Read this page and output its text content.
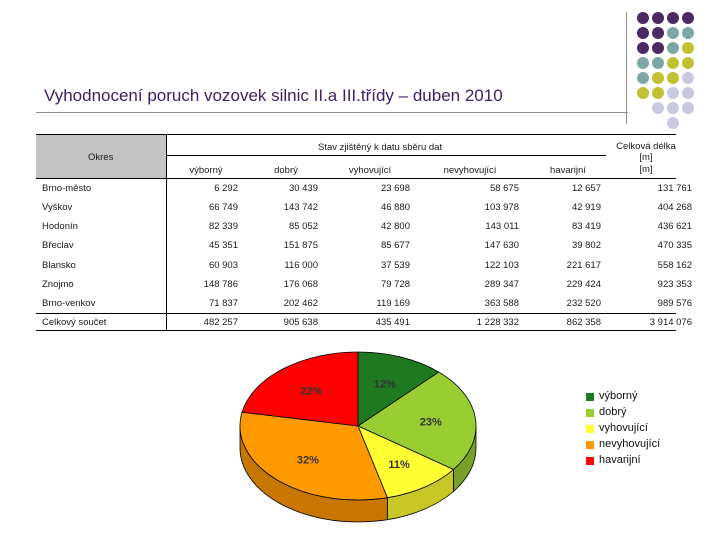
Vyhodnocení poruch vozovek silnic II.a III.třídy – duben 2010
Okres
Stav zjištěný k datu sběru dat	Celková délka
[m]
[m]
výborný	dobrý	vyhovující	nevyhovující	havarijní
Brno-město	6 292	30 439	23 698	58 675	12 657	131 761
Vyškov	66 749	143 742	46 880	103 978	42 919	404 268
Hodonín	82 339	85 052	42 800	143 011	83 419	436 621
Břeclav	45 351	151 875	85 677	147 630	39 802	470 335
Blansko	60 903	116 000	37 539	122 103	221 617	558 162
Znojmo	148 786	176 068	79 728	289 347	229 424	923 353
Brno-venkov	71 837	202 462	119 169	363 588	232 520	989 576
Celkový součet	482 257	905 638	435 491	1 228 332	862 358	3 914 076
12%
23%
11%
32%
22%	výborný
dobrý
vyhovující
nevyhovující
havarijní
